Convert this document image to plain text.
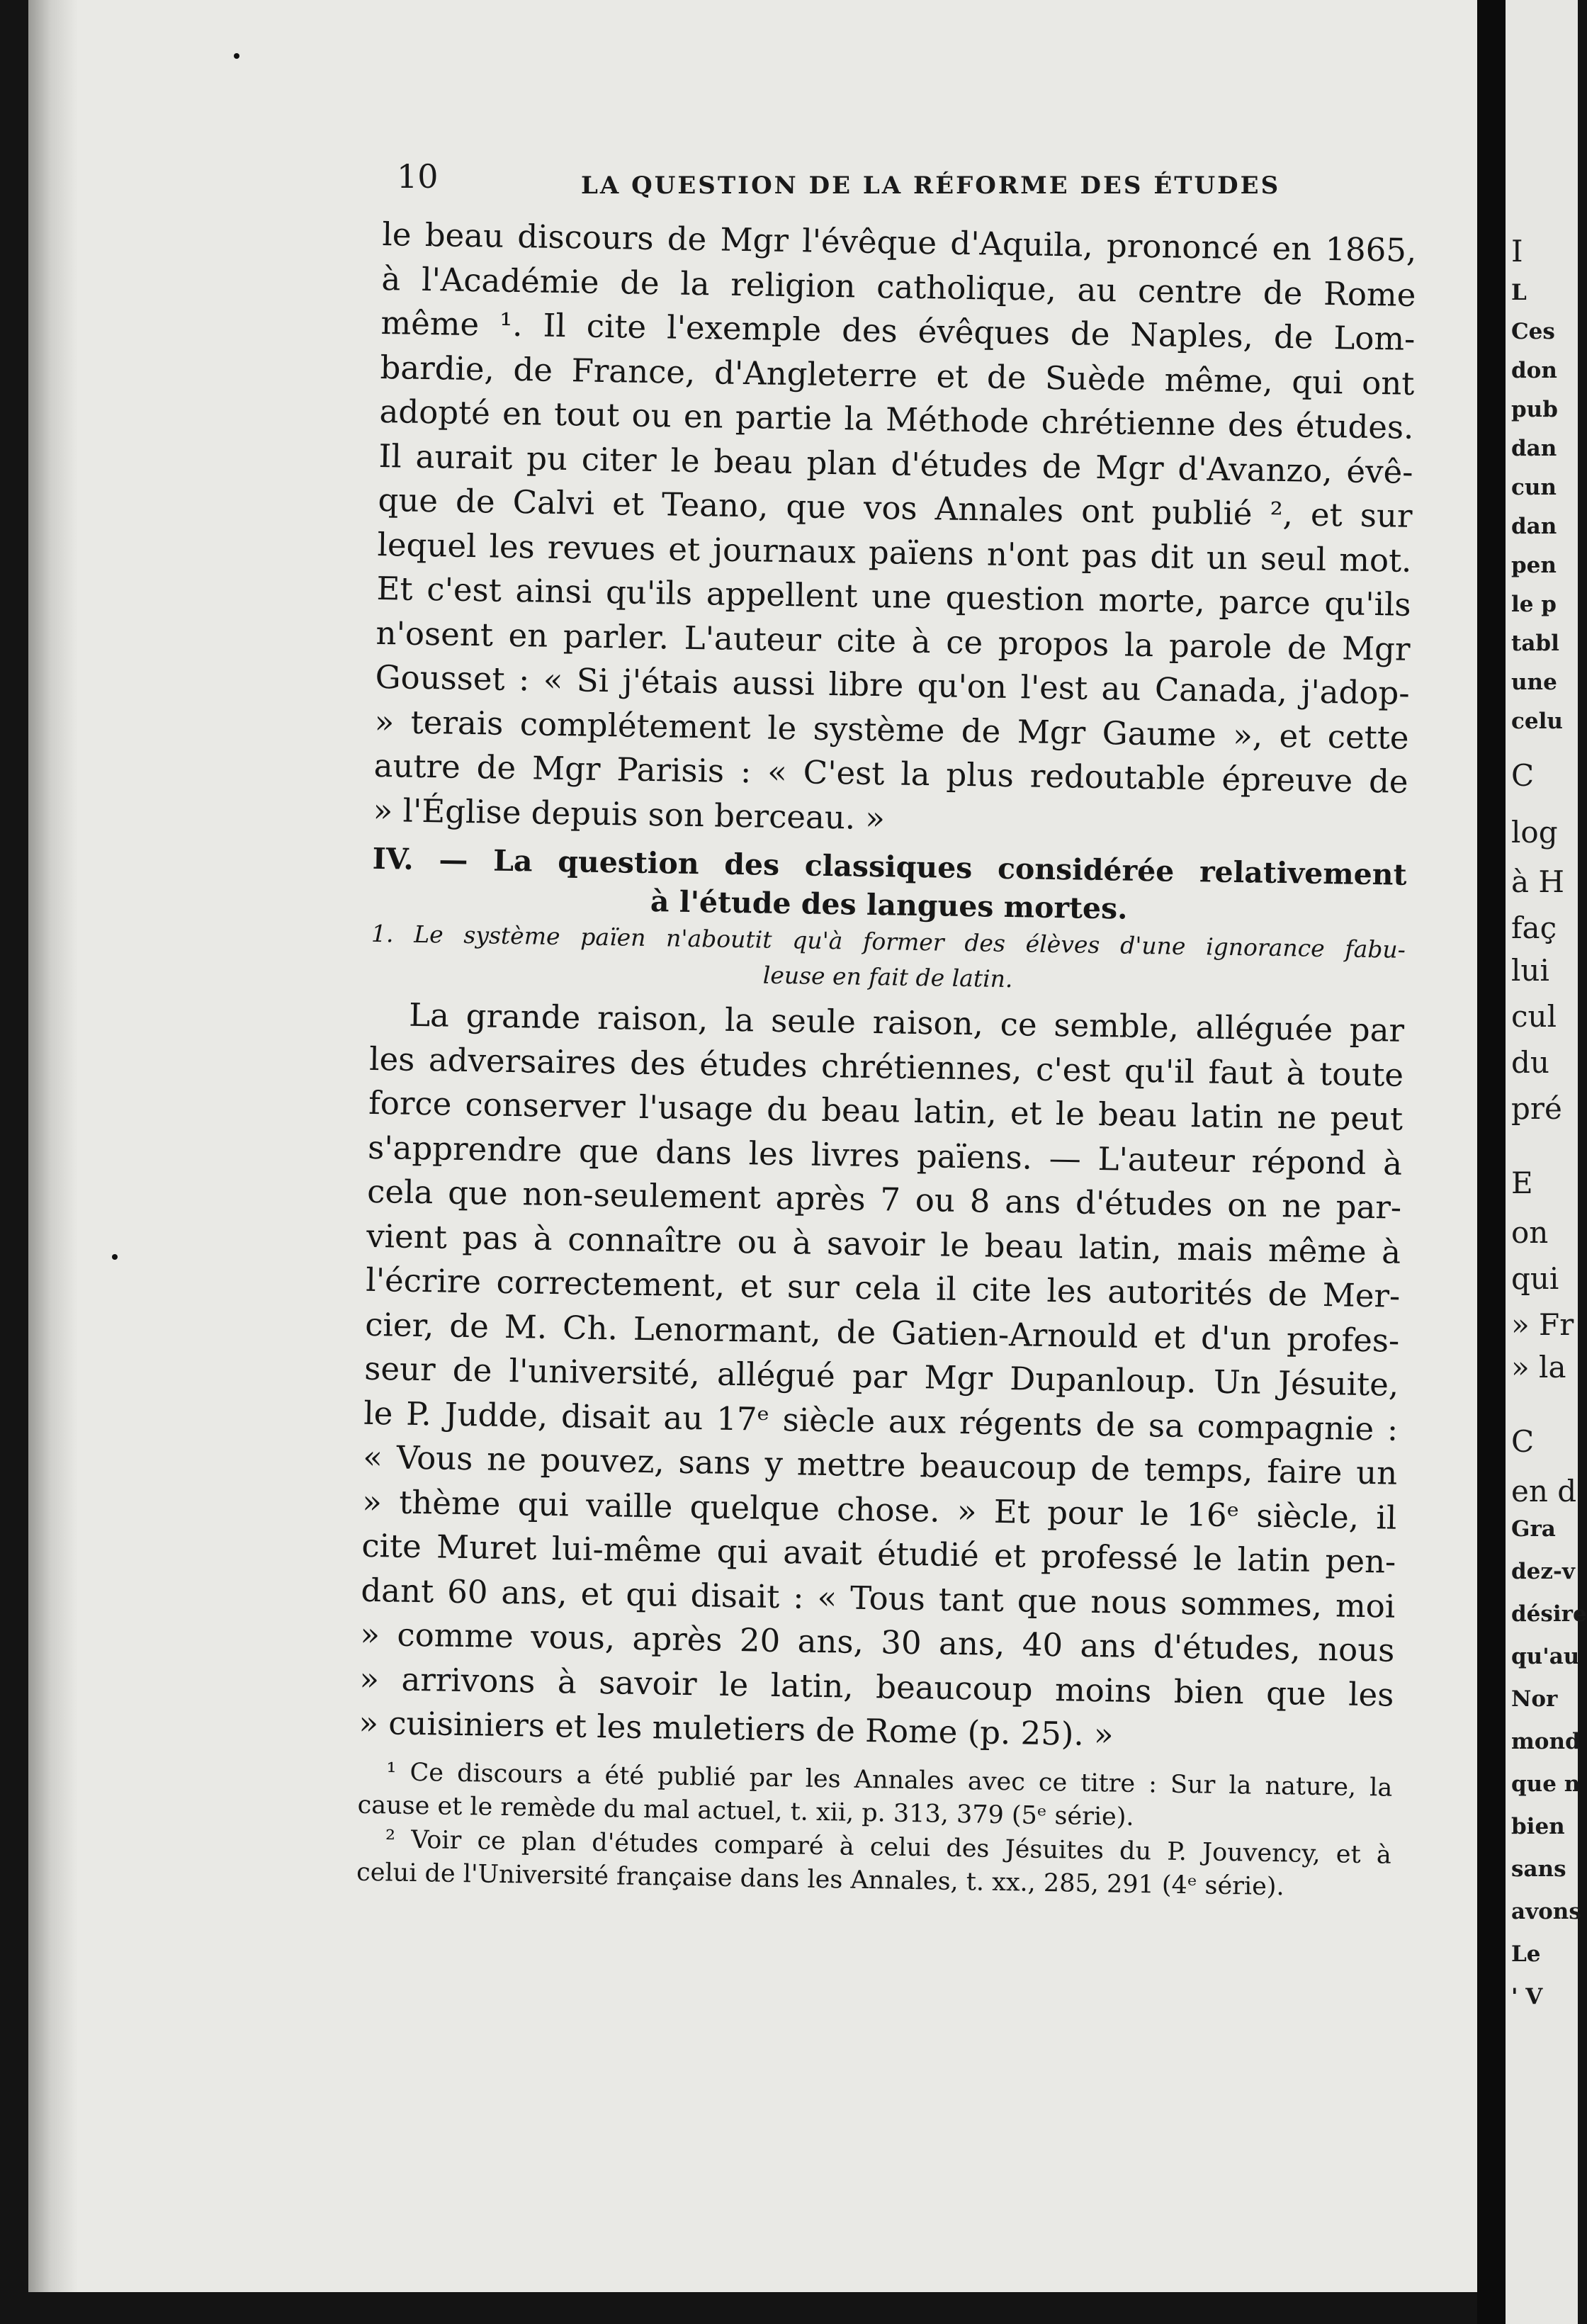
I
L
Ces
don
pub
dan
cun
dan
pen
le p
tabl
une
celu
C
log
à H
faç
lui
cul
du
pré
E
on
qui
» Fr
» la
C
en d
Gra
dez-v
désire
qu'au
Nor
mond
que n
bien
sans
avons
Le
' V
10	LA QUESTION DE LA RÉFORME DES ÉTUDES
le beau discours de Mgr l'évêque d'Aquila, prononcé en 1865,
à l'Académie de la religion catholique, au centre de Rome
même ¹. Il cite l'exemple des évêques de Naples, de Lom-
bardie, de France, d'Angleterre et de Suède même, qui ont
adopté en tout ou en partie la Méthode chrétienne des études.
Il aurait pu citer le beau plan d'études de Mgr d'Avanzo, évê-
que de Calvi et Teano, que vos Annales ont publié ², et sur
lequel les revues et journaux païens n'ont pas dit un seul mot.
Et c'est ainsi qu'ils appellent une question morte, parce qu'ils
n'osent en parler. L'auteur cite à ce propos la parole de Mgr
Gousset : « Si j'étais aussi libre qu'on l'est au Canada, j'adop-
» terais complétement le système de Mgr Gaume », et cette
autre de Mgr Parisis : « C'est la plus redoutable épreuve de
» l'Église depuis son berceau. »
IV. — La question des classiques considérée relativement
à l'étude des langues mortes.
1. Le système païen n'aboutit qu'à former des élèves d'une ignorance fabu-
leuse en fait de latin.
La grande raison, la seule raison, ce semble, alléguée par
les adversaires des études chrétiennes, c'est qu'il faut à toute
force conserver l'usage du beau latin, et le beau latin ne peut
s'apprendre que dans les livres païens. — L'auteur répond à
cela que non-seulement après 7 ou 8 ans d'études on ne par-
vient pas à connaître ou à savoir le beau latin, mais même à
l'écrire correctement, et sur cela il cite les autorités de Mer-
cier, de M. Ch. Lenormant, de Gatien-Arnould et d'un profes-
seur de l'université, allégué par Mgr Dupanloup. Un Jésuite,
le P. Judde, disait au 17ᵉ siècle aux régents de sa compagnie :
« Vous ne pouvez, sans y mettre beaucoup de temps, faire un
» thème qui vaille quelque chose. » Et pour le 16ᵉ siècle, il
cite Muret lui-même qui avait étudié et professé le latin pen-
dant 60 ans, et qui disait : « Tous tant que nous sommes, moi
» comme vous, après 20 ans, 30 ans, 40 ans d'études, nous
» arrivons à savoir le latin, beaucoup moins bien que les
» cuisiniers et les muletiers de Rome (p. 25). »
¹ Ce discours a été publié par les Annales avec ce titre : Sur la nature, la
cause et le remède du mal actuel, t. xii, p. 313, 379 (5ᵉ série).
² Voir ce plan d'études comparé à celui des Jésuites du P. Jouvency, et à
celui de l'Université française dans les Annales, t. xx., 285, 291 (4ᵉ série).
